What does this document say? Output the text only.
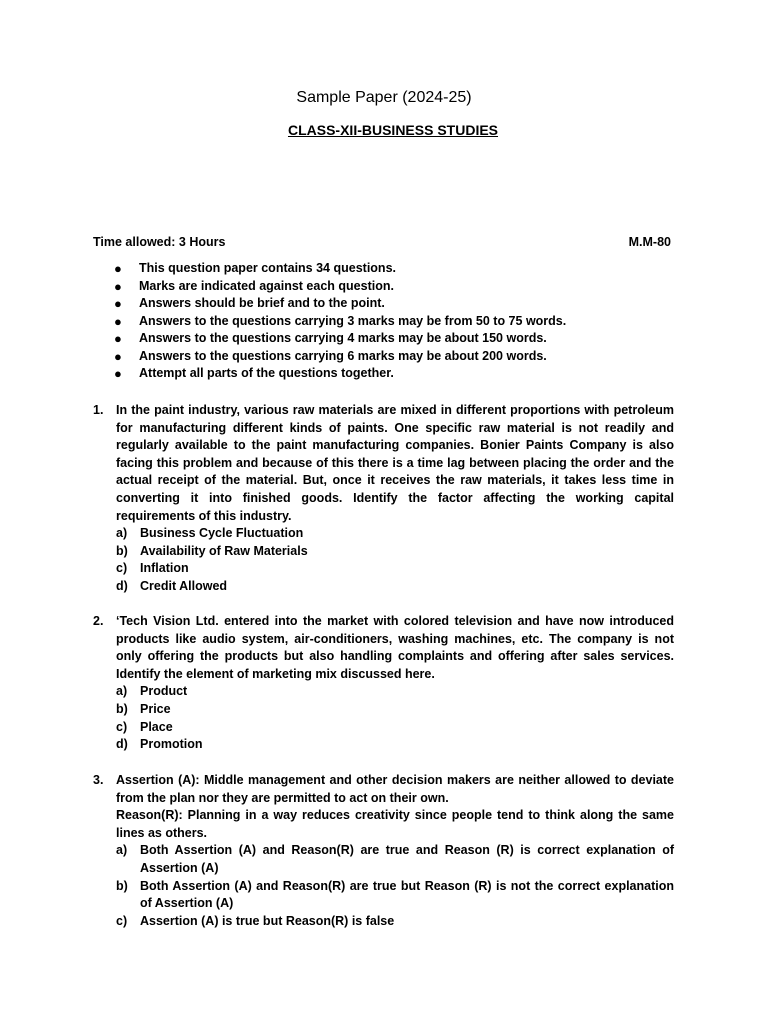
Sample Paper (2024-25)
CLASS-XII-BUSINESS STUDIES
Time allowed: 3 Hours	M.M-80
● This question paper contains 34 questions.
● Marks are indicated against each question.
● Answers should be brief and to the point.
● Answers to the questions carrying 3 marks may be from 50 to 75 words.
● Answers to the questions carrying 4 marks may be about 150 words.
● Answers to the questions carrying 6 marks may be about 200 words.
● Attempt all parts of the questions together.
1. In the paint industry, various raw materials are mixed in different proportions with petroleum for manufacturing different kinds of paints. One specific raw material is not readily and regularly available to the paint manufacturing companies. Bonier Paints Company is also facing this problem and because of this there is a time lag between placing the order and the actual receipt of the material. But, once it receives the raw materials, it takes less time in converting it into finished goods. Identify the factor affecting the working capital requirements of this industry.

a) Business Cycle Fluctuation
b) Availability of Raw Materials
c) Inflation
d) Credit Allowed
2. ‘Tech Vision Ltd. entered into the market with colored television and have now introduced products like audio system, air-conditioners, washing machines, etc. The company is not only offering the products but also handling complaints and offering after sales services. Identify the element of marketing mix discussed here.

a) Product
b) Price
c) Place
d) Promotion
3. Assertion (A): Middle management and other decision makers are neither allowed to deviate from the plan nor they are permitted to act on their own.

Reason(R): Planning in a way reduces creativity since people tend to think along the same lines as others.

a) Both Assertion (A) and Reason(R) are true and Reason (R) is correct explanation of Assertion (A)
b) Both Assertion (A) and Reason(R) are true but Reason (R) is not the correct explanation of Assertion (A)
c) Assertion (A) is true but Reason(R) is false
